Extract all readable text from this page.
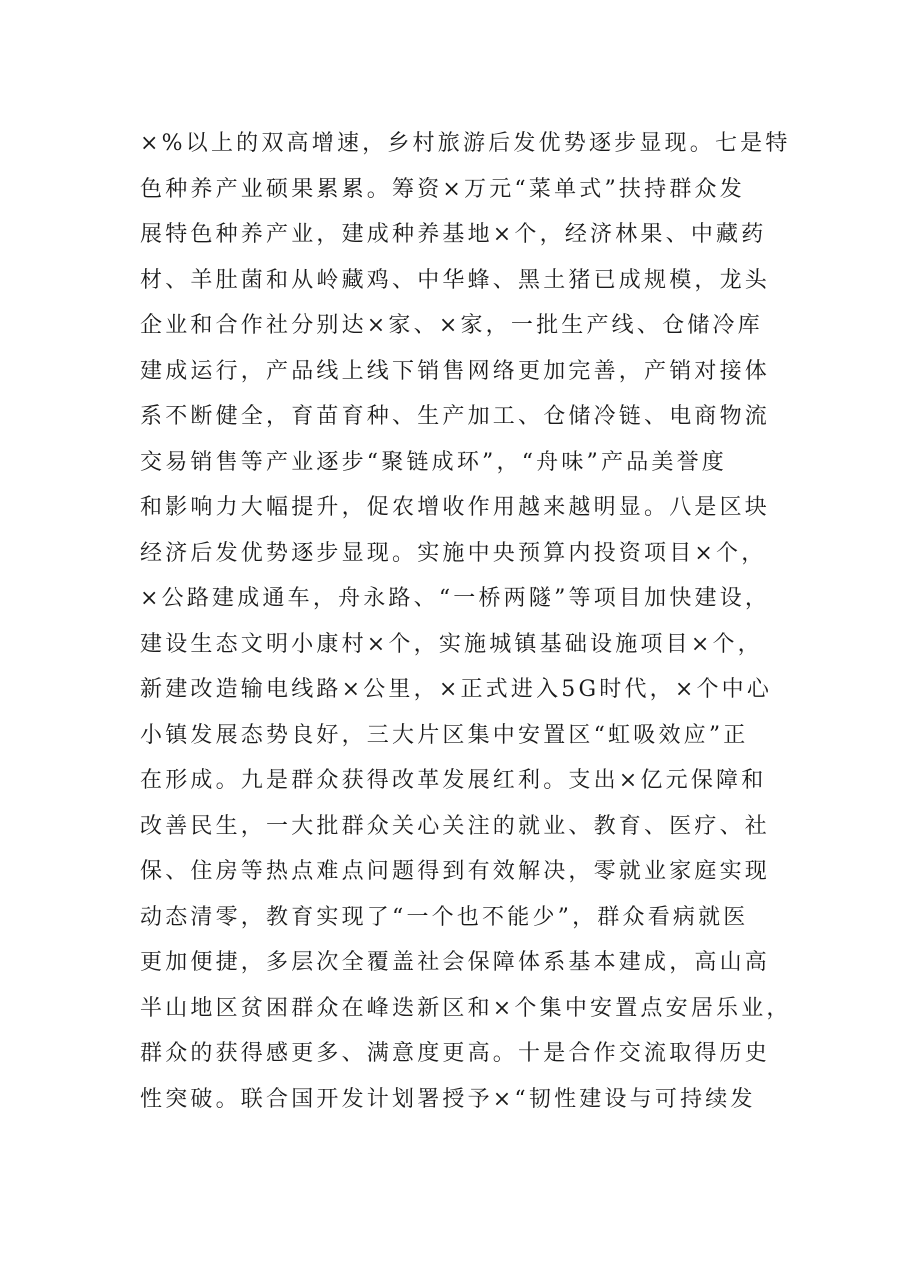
×%以上的双高增速，乡村旅游后发优势逐步显现。七是特
色种养产业硕果累累。筹资×万元“菜单式”扶持群众发
展特色种养产业，建成种养基地×个，经济林果、中藏药
材、羊肚菌和从岭藏鸡、中华蜂、黑土猪已成规模，龙头
企业和合作社分别达×家、×家，一批生产线、仓储冷库
建成运行，产品线上线下销售网络更加完善，产销对接体
系不断健全，育苗育种、生产加工、仓储冷链、电商物流
交易销售等产业逐步“聚链成环”，“舟味”产品美誉度
和影响力大幅提升，促农增收作用越来越明显。八是区块
经济后发优势逐步显现。实施中央预算内投资项目×个，
×公路建成通车，舟永路、“一桥两隧”等项目加快建设，
建设生态文明小康村×个，实施城镇基础设施项目×个，
新建改造输电线路×公里，×正式进入5G时代，×个中心
小镇发展态势良好，三大片区集中安置区“虹吸效应”正
在形成。九是群众获得改革发展红利。支出×亿元保障和
改善民生，一大批群众关心关注的就业、教育、医疗、社
保、住房等热点难点问题得到有效解决，零就业家庭实现
动态清零，教育实现了“一个也不能少”，群众看病就医
更加便捷，多层次全覆盖社会保障体系基本建成，高山高
半山地区贫困群众在峰迭新区和×个集中安置点安居乐业，
群众的获得感更多、满意度更高。十是合作交流取得历史
性突破。联合国开发计划署授予×“韧性建设与可持续发
